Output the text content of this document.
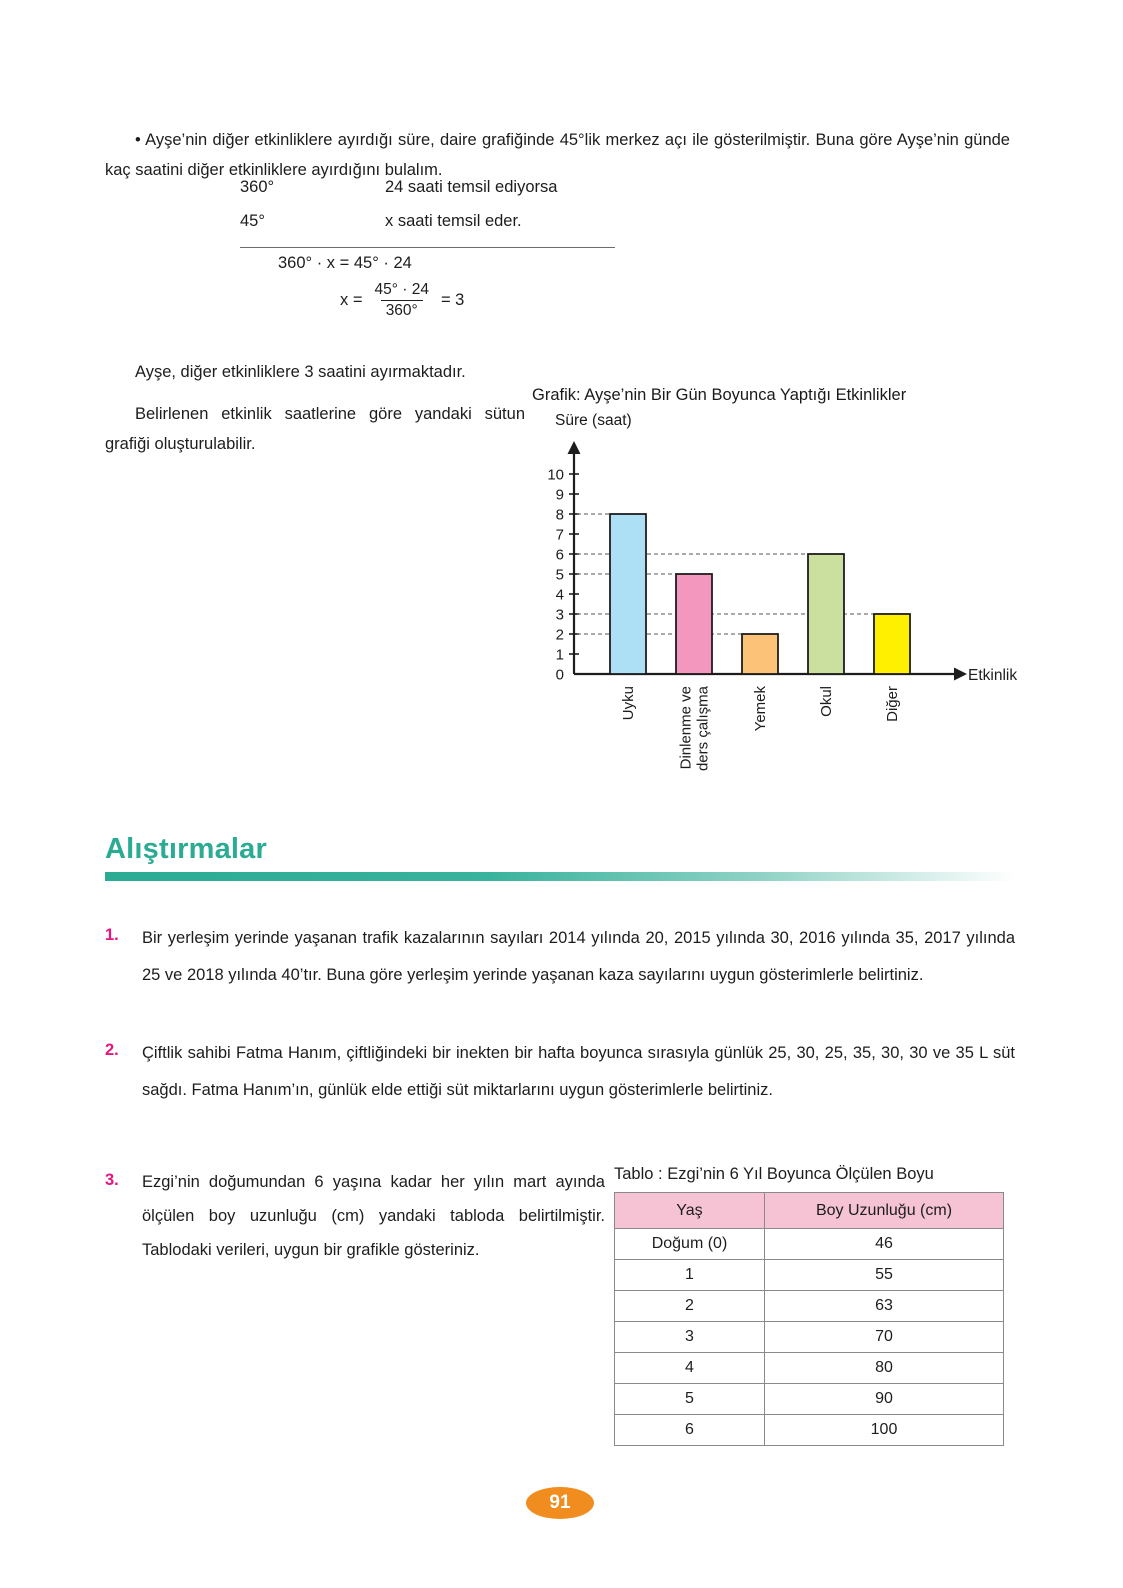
• Ayşe’nin diğer etkinliklere ayırdığı süre, daire grafiğinde 45°lik merkez açı ile gösterilmiştir. Buna göre Ayşe’nin günde kaç saatini diğer etkinliklere ayırdığını bulalım.

360°	24 saati temsil ediyorsa
45°	x saati temsil eder.
360° · x = 45° · 24
$x = \frac{45^\circ \cdot 24}{360^\circ} = 3$

Ayşe, diğer etkinliklere 3 saatini ayırmaktadır.

Belirlenen etkinlik saatlerine göre yandaki sütun grafiği oluşturulabilir.

Grafik: Ayşe’nin Bir Gün Boyunca Yaptığı Etkinlikler
Süre (saat)
Etkinlik
0
1
2
3
4
5
6
7
8
9
10
Uyku	Dinlenme ve ders çalışma	Yemek	Okul	Diğer
Alıştırmalar
1.	Bir yerleşim yerinde yaşanan trafik kazalarının sayıları 2014 yılında 20, 2015 yılında 30, 2016 yılında 35, 2017 yılında 25 ve 2018 yılında 40’tır. Buna göre yerleşim yerinde yaşanan kaza sayılarını uygun gösterimlerle belirtiniz.
2.	Çiftlik sahibi Fatma Hanım, çiftliğindeki bir inekten bir hafta boyunca sırasıyla günlük 25, 30, 25, 35, 30, 30 ve 35 L süt sağdı. Fatma Hanım’ın, günlük elde ettiği süt miktarlarını uygun gösterimlerle belirtiniz.
3.	Ezgi’nin doğumundan 6 yaşına kadar her yılın mart ayında ölçülen boy uzunluğu (cm) yandaki tabloda belirtilmiştir. Tablodaki verileri, uygun bir grafikle gösteriniz.
Tablo : Ezgi’nin 6 Yıl Boyunca Ölçülen Boyu
Yaş	Boy Uzunluğu (cm)
Doğum (0)	46
1	55
2	63
3	70
4	80
5	90
6	100
91
